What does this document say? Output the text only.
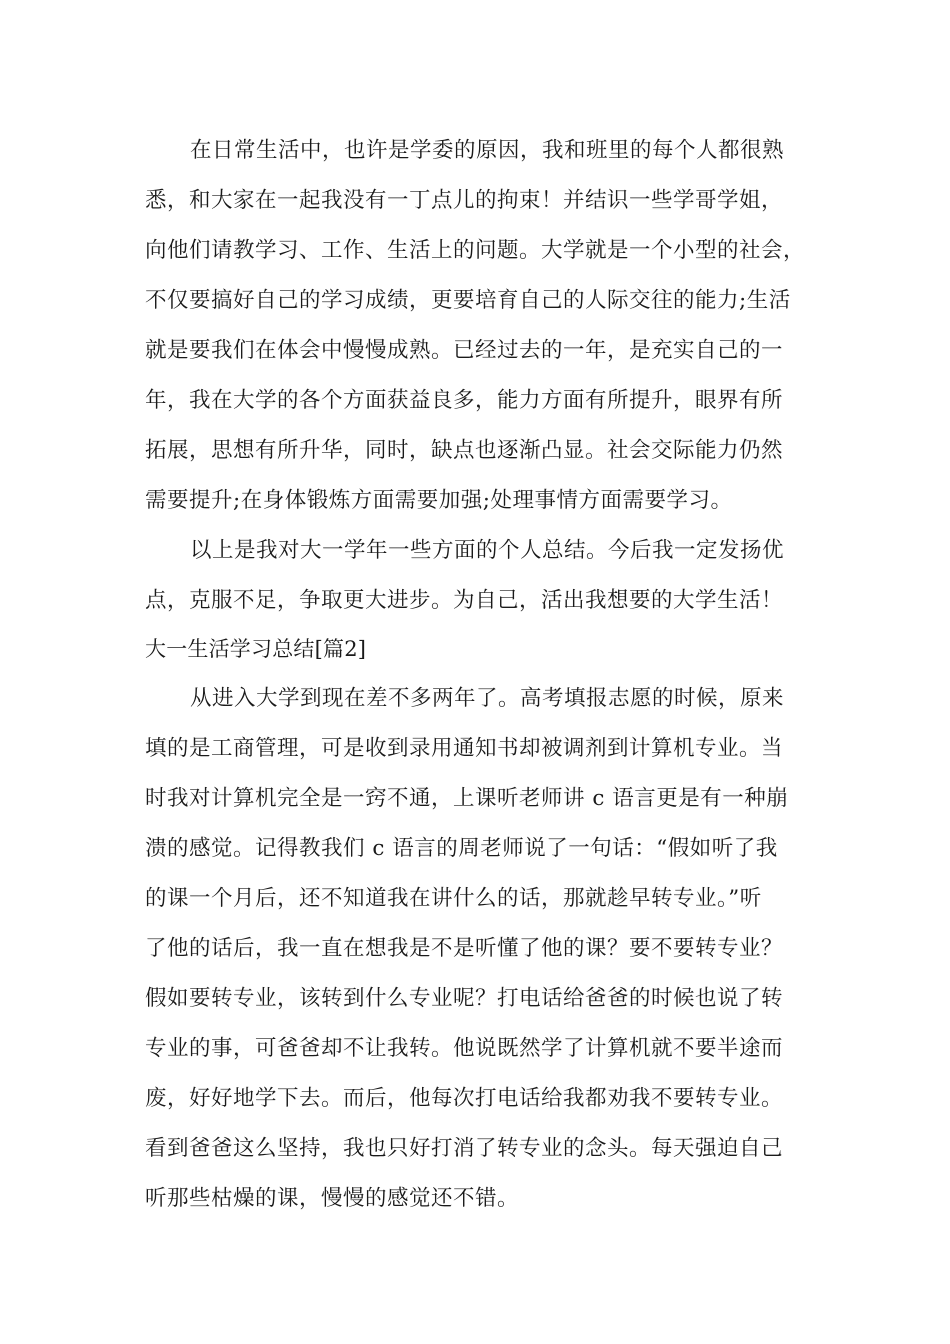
在日常生活中，也许是学委的原因，我和班里的每个人都很熟
悉，和大家在一起我没有一丁点儿的拘束！并结识一些学哥学姐，
向他们请教学习、工作、生活上的问题。大学就是一个小型的社会，
不仅要搞好自己的学习成绩，更要培育自己的人际交往的能力;生活
就是要我们在体会中慢慢成熟。已经过去的一年，是充实自己的一
年，我在大学的各个方面获益良多，能力方面有所提升，眼界有所
拓展，思想有所升华，同时，缺点也逐渐凸显。社会交际能力仍然
需要提升;在身体锻炼方面需要加强;处理事情方面需要学习。
以上是我对大一学年一些方面的个人总结。今后我一定发扬优
点，克服不足，争取更大进步。为自己，活出我想要的大学生活！
大一生活学习总结[篇2]
从进入大学到现在差不多两年了。高考填报志愿的时候，原来
填的是工商管理，可是收到录用通知书却被调剂到计算机专业。当
时我对计算机完全是一窍不通，上课听老师讲 c 语言更是有一种崩
溃的感觉。记得教我们 c 语言的周老师说了一句话：“假如听了我
的课一个月后，还不知道我在讲什么的话，那就趁早转专业。”听
了他的话后，我一直在想我是不是听懂了他的课？要不要转专业？
假如要转专业，该转到什么专业呢？打电话给爸爸的时候也说了转
专业的事，可爸爸却不让我转。他说既然学了计算机就不要半途而
废，好好地学下去。而后，他每次打电话给我都劝我不要转专业。
看到爸爸这么坚持，我也只好打消了转专业的念头。每天强迫自己
听那些枯燥的课，慢慢的感觉还不错。
